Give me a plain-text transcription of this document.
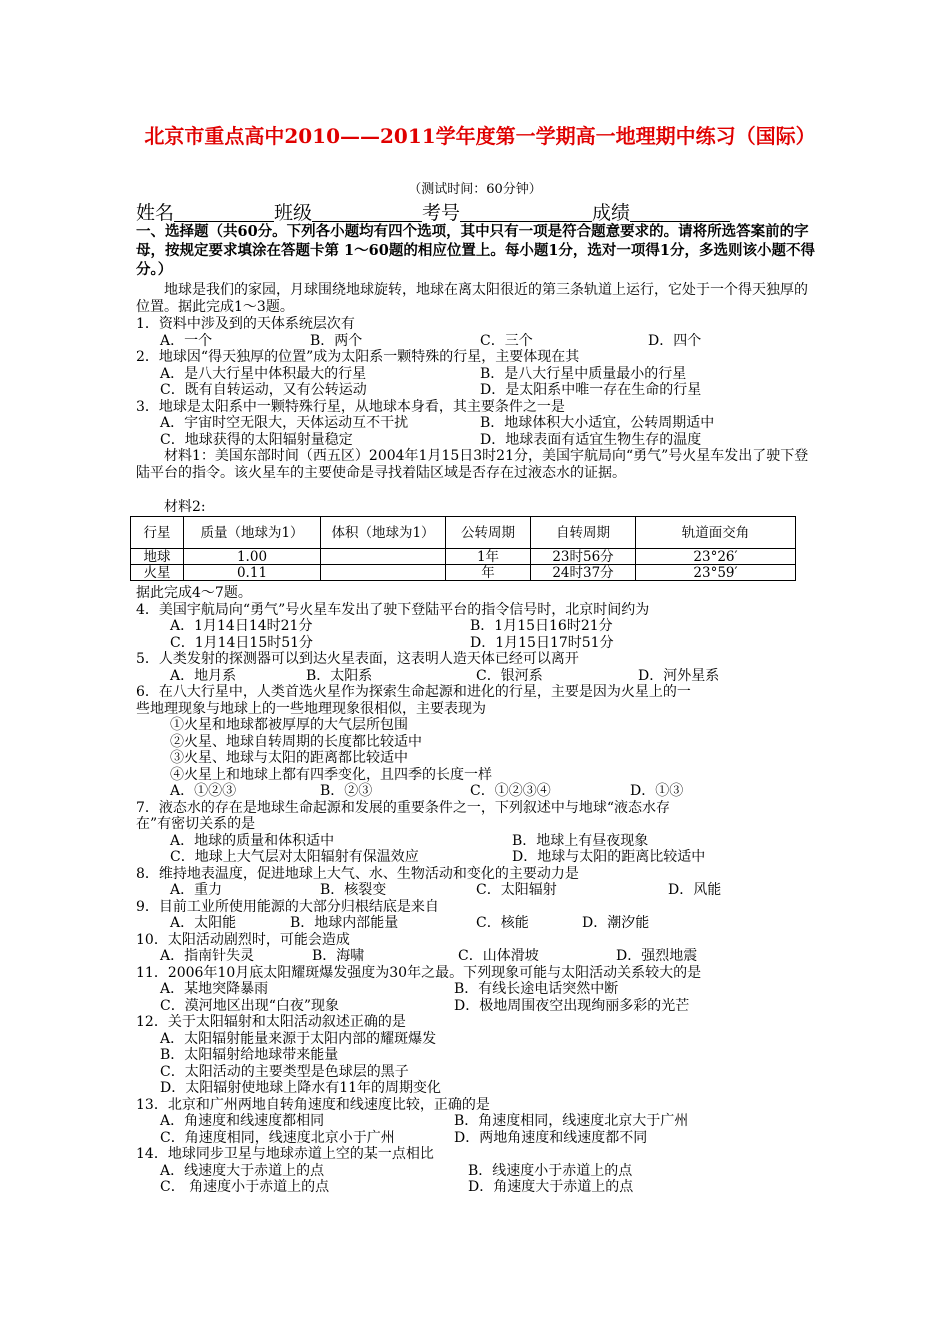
北京市重点高中2010——2011学年度第一学期高一地理期中练习（国际）
（测试时间：60分钟）
姓名	班级	考号	成绩
一、选择题（共60分。下列各小题均有四个选项，其中只有一项是符合题意要求的。请将所选答案前的字母，按规定要求填涂在答题卡第 1～60题的相应位置上。每小题1分，选对一项得1分，多选则该小题不得分。）
地球是我们的家园，月球围绕地球旋转，地球在离太阳很近的第三条轨道上运行，它处于一个得天独厚的位置。据此完成1～3题。
1．资料中涉及到的天体系统层次有
A．一个	B．两个	C．三个	D．四个
2．地球因“得天独厚的位置”成为太阳系一颗特殊的行星，主要体现在其
A．是八大行星中体积最大的行星	B．是八大行星中质量最小的行星
C．既有自转运动，又有公转运动	D．是太阳系中唯一存在生命的行星
3．地球是太阳系中一颗特殊行星，从地球本身看，其主要条件之一是
A．宇宙时空无限大，天体运动互不干扰	B．地球体积大小适宜，公转周期适中
C．地球获得的太阳辐射量稳定	D．地球表面有适宜生物生存的温度
材料1：美国东部时间（西五区）2004年1月15日3时21分，美国宇航局向“勇气”号火星车发出了驶下登陆平台的指令。该火星车的主要使命是寻找着陆区域是否存在过液态水的证据。
材料2:
行星	质量（地球为1）	体积（地球为1）	公转周期	自转周期	轨道面交角
地球	1.00		1年	23时56分	23°26′
火星	0.11		年	24时37分	23°59′
据此完成4～7题。
4．美国宇航局向“勇气”号火星车发出了驶下登陆平台的指令信号时，北京时间约为
A．1月14日14时21分	B．1月15日16时21分
C．1月14日15时51分	D．1月15日17时51分
5．人类发射的探测器可以到达火星表面，这表明人造天体已经可以离开
A．地月系	B．太阳系	C．银河系	D．河外星系
6．在八大行星中，人类首选火星作为探索生命起源和进化的行星，主要是因为火星上的一
些地理现象与地球上的一些地理现象很相似，主要表现为
①火星和地球都被厚厚的大气层所包围
②火星、地球自转周期的长度都比较适中
③火星、地球与太阳的距离都比较适中
④火星上和地球上都有四季变化，且四季的长度一样
A．①②③	B．②③	C．①②③④	D．①③
7．液态水的存在是地球生命起源和发展的重要条件之一，下列叙述中与地球“液态水存
在”有密切关系的是
A．地球的质量和体积适中	B．地球上有昼夜现象
C．地球上大气层对太阳辐射有保温效应	D．地球与太阳的距离比较适中
8．维持地表温度，促进地球上大气、水、生物活动和变化的主要动力是
A．重力	B．核裂变	C．太阳辐射	D．风能
9．目前工业所使用能源的大部分归根结底是来自
A．太阳能	B．地球内部能量	C．核能	D．潮汐能
10．太阳活动剧烈时，可能会造成
A．指南针失灵	B．海啸	C．山体滑坡	D．强烈地震
11．2006年10月底太阳耀斑爆发强度为30年之最。下列现象可能与太阳活动关系较大的是
A．某地突降暴雨	B．有线长途电话突然中断
C．漠河地区出现“白夜”现象	D．极地周围夜空出现绚丽多彩的光芒
12．关于太阳辐射和太阳活动叙述正确的是
A．太阳辐射能量来源于太阳内部的耀斑爆发
B．太阳辐射给地球带来能量
C．太阳活动的主要类型是色球层的黑子
D．太阳辐射使地球上降水有11年的周期变化
13．北京和广州两地自转角速度和线速度比较，正确的是
A．角速度和线速度都相同	B．角速度相同，线速度北京大于广州
C．角速度相同，线速度北京小于广州	D．两地角速度和线速度都不同
14．地球同步卫星与地球赤道上空的某一点相比
A．线速度大于赤道上的点	B．线速度小于赤道上的点
C． 角速度小于赤道上的点	D．角速度大于赤道上的点
